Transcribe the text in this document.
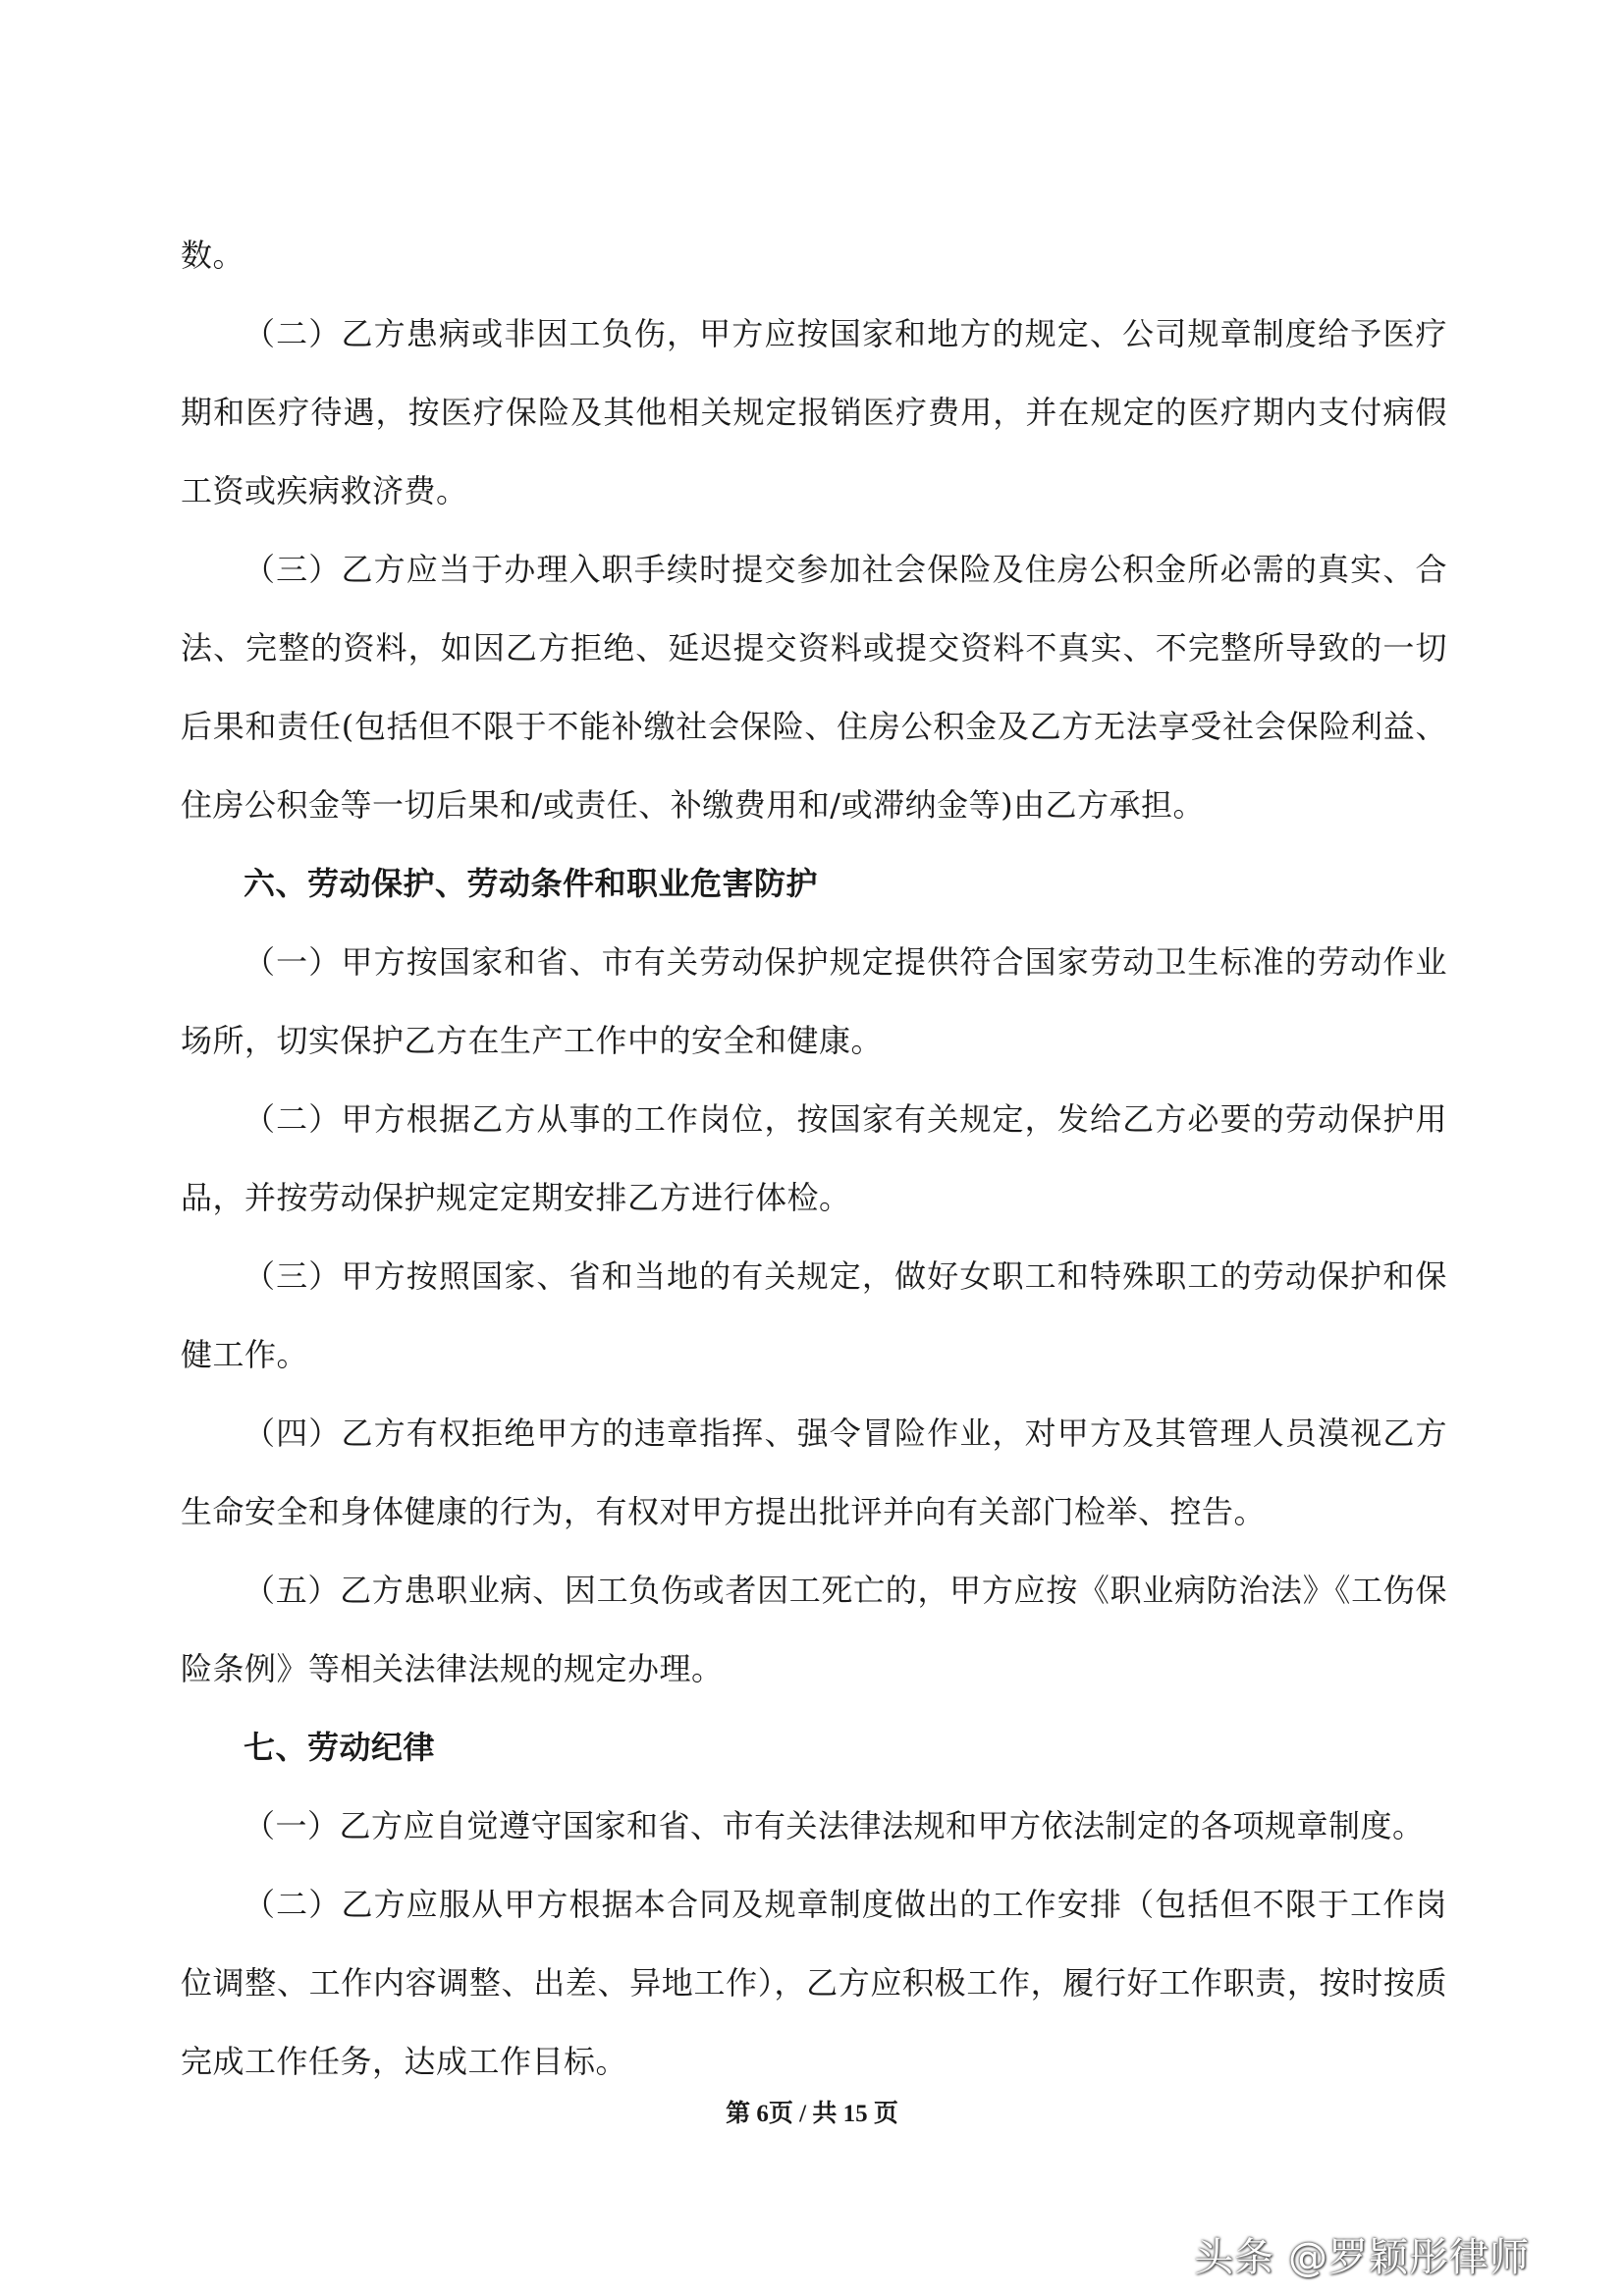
数。

（二）乙方患病或非因工负伤，甲方应按国家和地方的规定、公司规章制度给予医疗期和医疗待遇，按医疗保险及其他相关规定报销医疗费用，并在规定的医疗期内支付病假工资或疾病救济费。

（三）乙方应当于办理入职手续时提交参加社会保险及住房公积金所必需的真实、合法、完整的资料，如因乙方拒绝、延迟提交资料或提交资料不真实、不完整所导致的一切后果和责任(包括但不限于不能补缴社会保险、住房公积金及乙方无法享受社会保险利益、住房公积金等一切后果和/或责任、补缴费用和/或滞纳金等)由乙方承担。

六、劳动保护、劳动条件和职业危害防护

（一）甲方按国家和省、市有关劳动保护规定提供符合国家劳动卫生标准的劳动作业场所，切实保护乙方在生产工作中的安全和健康。

（二）甲方根据乙方从事的工作岗位，按国家有关规定，发给乙方必要的劳动保护用品，并按劳动保护规定定期安排乙方进行体检。

（三）甲方按照国家、省和当地的有关规定，做好女职工和特殊职工的劳动保护和保健工作。

（四）乙方有权拒绝甲方的违章指挥、强令冒险作业，对甲方及其管理人员漠视乙方生命安全和身体健康的行为，有权对甲方提出批评并向有关部门检举、控告。

（五）乙方患职业病、因工负伤或者因工死亡的，甲方应按《职业病防治法》《工伤保险条例》等相关法律法规的规定办理。

七、劳动纪律

（一）乙方应自觉遵守国家和省、市有关法律法规和甲方依法制定的各项规章制度。

（二）乙方应服从甲方根据本合同及规章制度做出的工作安排（包括但不限于工作岗位调整、工作内容调整、出差、异地工作），乙方应积极工作，履行好工作职责，按时按质完成工作任务，达成工作目标。

第 6页 / 共 15 页
头条 @罗颖彤律师
